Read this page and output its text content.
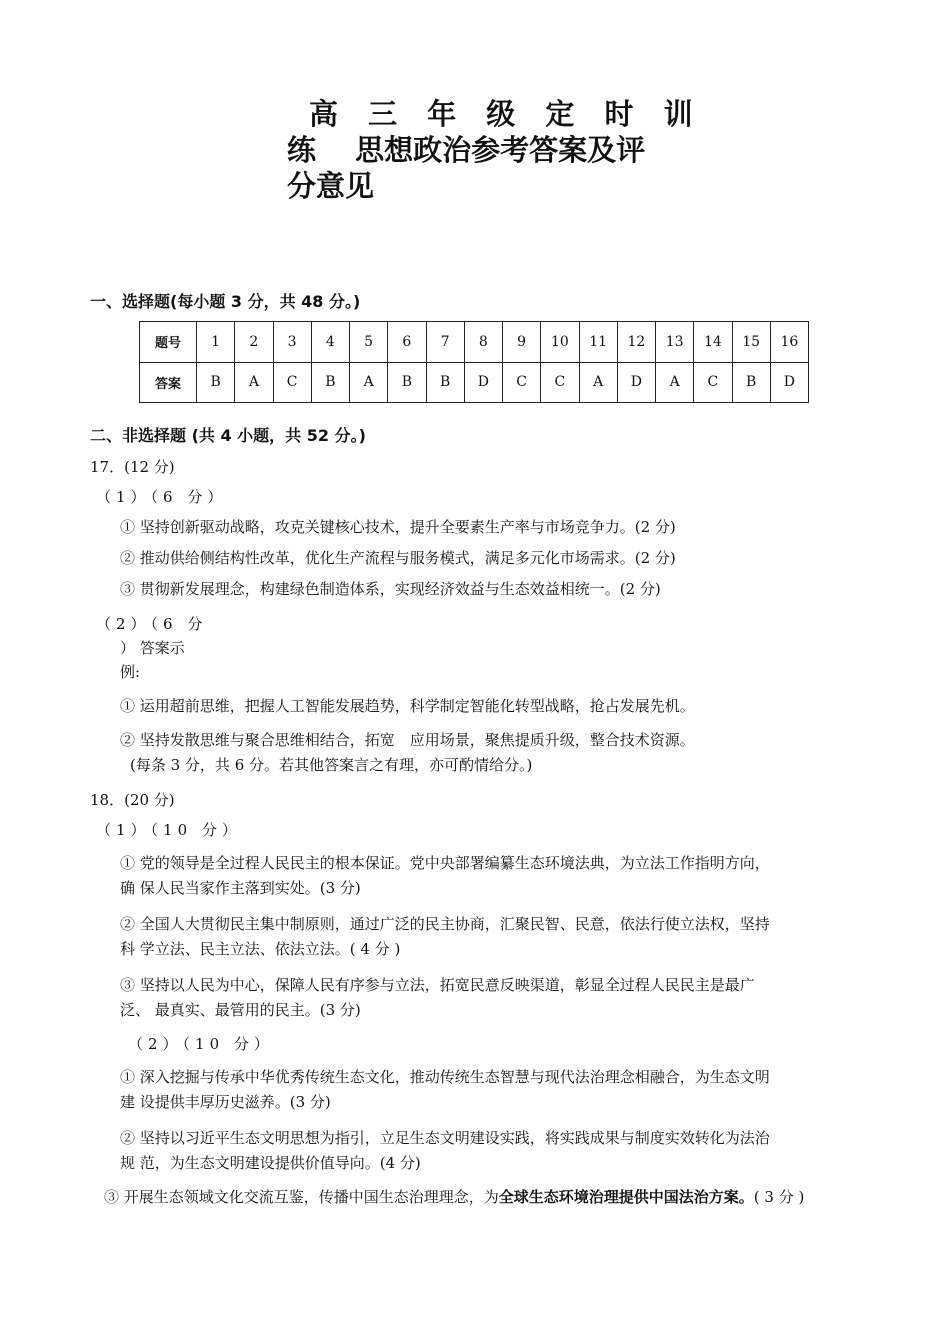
高 三 年 级 定 时 训
练　 思想政治参考答案及评
分意见
一、选择题(每小题 3 分，共 48 分。)
题号	1	2	3	4	5	6	7	8	9	10	11	12	13	14	15	16
答案	B	A	C	B	A	B	B	D	C	C	A	D	A	C	B	D
二、非选择题 (共 4 小题，共 52 分。)
17．(12 分)
（1）（6 分）
① 坚持创新驱动战略，攻克关键核心技术，提升全要素生产率与市场竞争力。(2 分)
② 推动供给侧结构性改革，优化生产流程与服务模式，满足多元化市场需求。(2 分)
③ 贯彻新发展理念，构建绿色制造体系，实现经济效益与生态效益相统一。(2 分)
（2）（6 分
） 答案示
例:
① 运用超前思维，把握人工智能发展趋势，科学制定智能化转型战略，抢占发展先机。
② 坚持发散思维与聚合思维相结合，拓宽　应用场景，聚焦提质升级，整合技术资源。
(每条 3 分，共 6 分。若其他答案言之有理，亦可酌情给分。)
18．(20 分)
（1）（10 分）
① 党的领导是全过程人民民主的根本保证。党中央部署编纂生态环境法典，为立法工作指明方向，
确 保人民当家作主落到实处。(3 分)
② 全国人大贯彻民主集中制原则，通过广泛的民主协商，汇聚民智、民意，依法行使立法权，坚持
科 学立法、民主立法、依法立法。( 4 分 )
③ 坚持以人民为中心，保障人民有序参与立法，拓宽民意反映渠道，彰显全过程人民民主是最广
泛、 最真实、最管用的民主。(3 分)
（2）（10 分）
① 深入挖掘与传承中华优秀传统生态文化，推动传统生态智慧与现代法治理念相融合，为生态文明
建 设提供丰厚历史滋养。(3 分)
② 坚持以习近平生态文明思想为指引，立足生态文明建设实践，将实践成果与制度实效转化为法治
规 范，为生态文明建设提供价值导向。(4 分)
③ 开展生态领域文化交流互鉴，传播中国生态治理理念，为全球生态环境治理提供中国法治方案。( 3 分 )
